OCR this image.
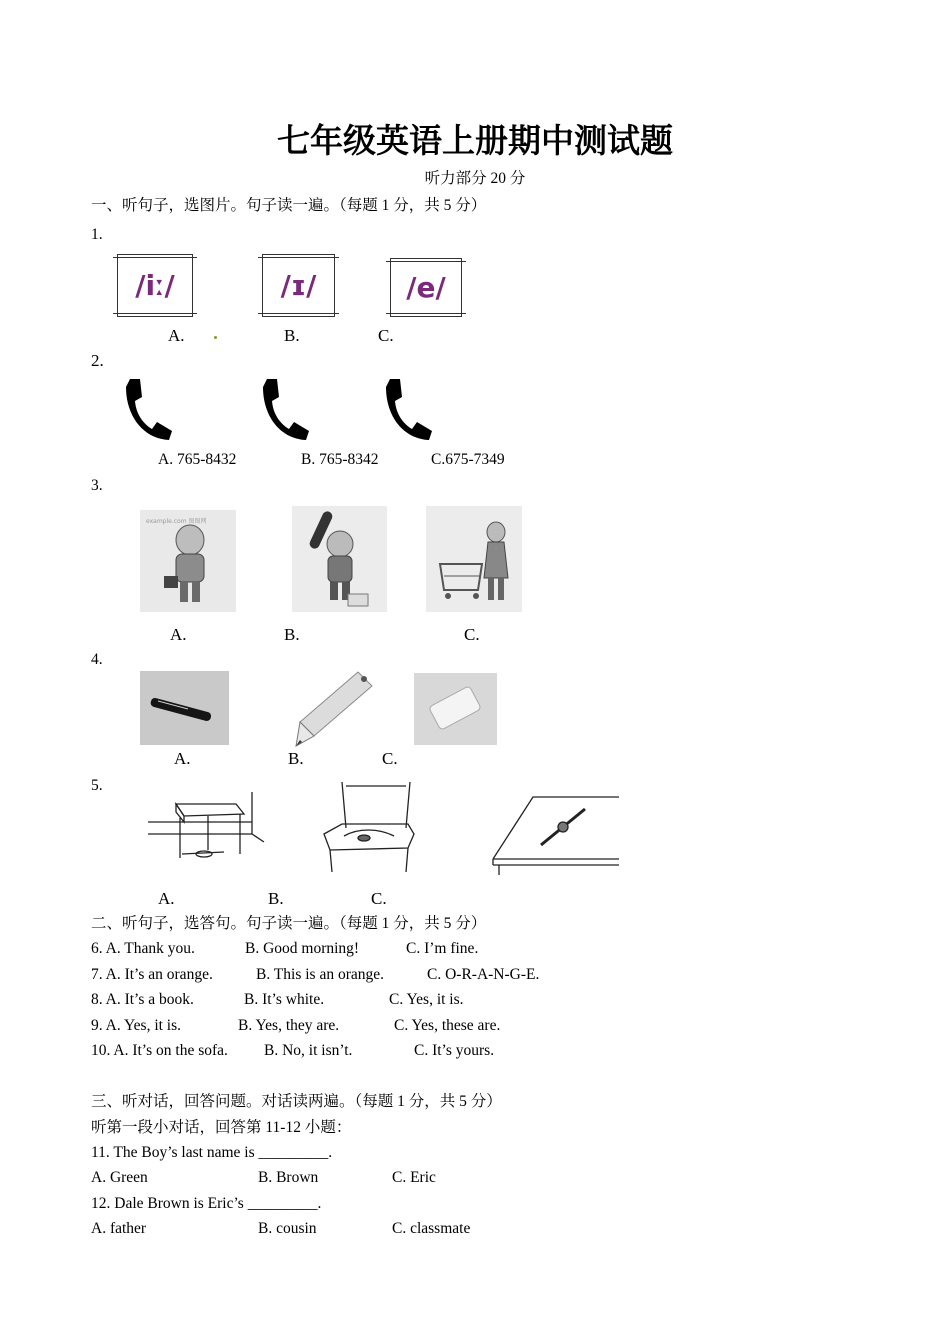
七年级英语上册期中测试题
听力部分 20 分
一、听句子，选图片。句子读一遍。（每题 1 分，共 5 分）
1.
/iː/	/ɪ/	/e/
A.	B.	C.
2.
A. 765-8432	B. 765-8342	C.675-7349
3.
example.com 图图网
A.	B.	C.
4.
A.	B.	C.
5.
A.	B.	C.
二、听句子，选答句。句子读一遍。（每题 1 分，共 5 分）
6. A. Thank you.	B. Good morning!	C. I’m fine.
7. A. It’s an orange.	B. This is an orange.	C. O-R-A-N-G-E.
8. A. It’s a book.	B. It’s white.	C. Yes, it is.
9. A. Yes, it is.	B. Yes, they are.	C. Yes, these are.
10. A. It’s on the sofa. B. No, it isn’t.	C. It’s yours.
三、听对话，回答问题。对话读两遍。（每题 1 分，共 5 分）
听第一段小对话，回答第 11-12 小题：
11. The Boy’s last name is _________.
A. Green	B. Brown	C. Eric
12. Dale Brown is Eric’s _________.
A. father	B. cousin	C. classmate
